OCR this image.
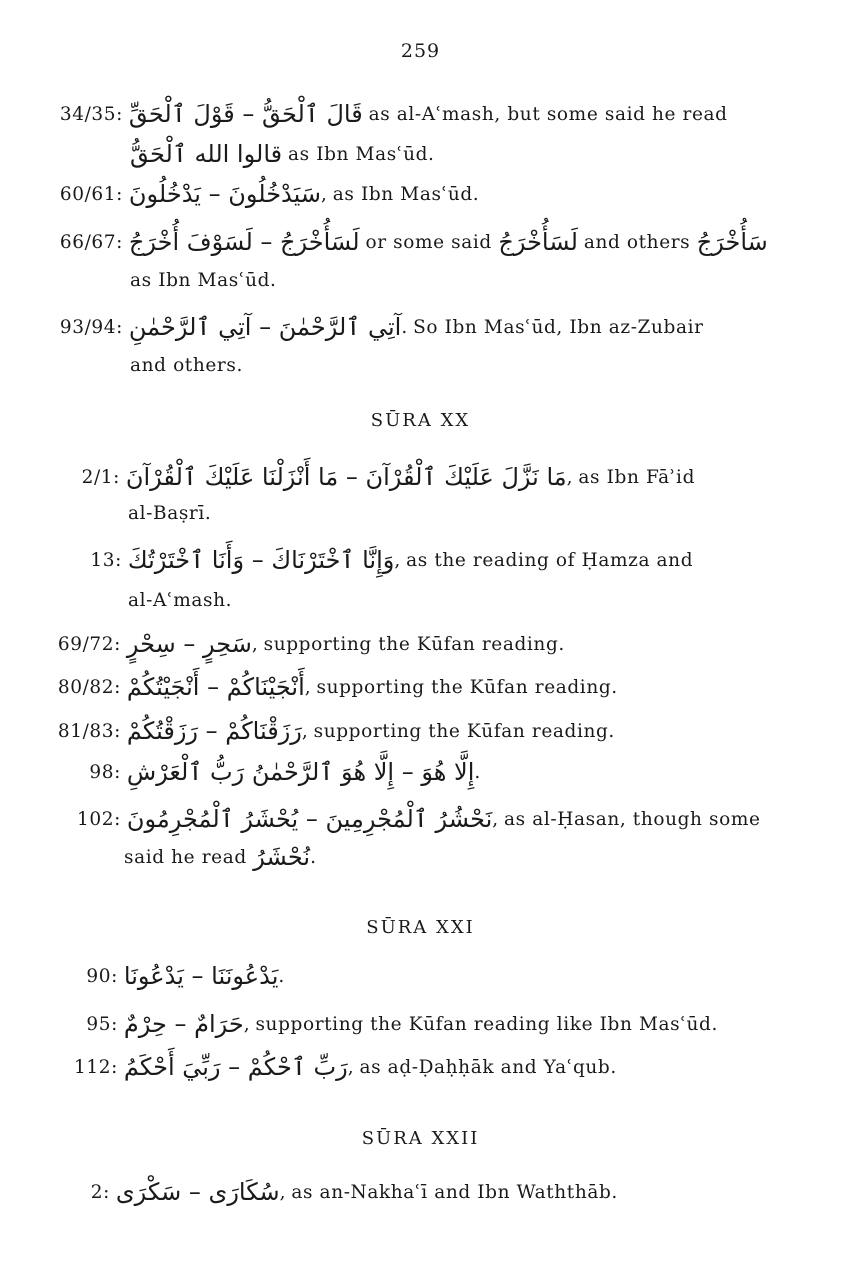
259
34/35: قَالَ ٱلْحَقُّ – قَوْلَ ٱلْحَقِّ as al-Aʿmash, but some said he read
قالوا الله ٱلْحَقُّ as Ibn Masʿūd.
60/61: سَيَدْخُلُونَ – يَدْخُلُونَ, as Ibn Masʿūd.
66/67: لَسَأُخْرَجُ – لَسَوْفَ أُخْرَجُ or some said لَسَأُخْرَجُ and others سَأُخْرَجُ
as Ibn Masʿūd.
93/94: آتِي ٱلرَّحْمٰنَ – آتِي ٱلرَّحْمٰنِ. So Ibn Masʿūd, Ibn az-Zubair
and others.
SŪRA XX
2/1: مَا نَزَّلَ عَلَيْكَ ٱلْقُرْآنَ – مَا أَنْزَلْنَا عَلَيْكَ ٱلْقُرْآنَ, as Ibn Fāʾid
al-Baṣrī.
13: وَإِنَّا ٱخْتَرْنَاكَ – وَأَنَا ٱخْتَرْتُكَ, as the reading of Ḥamza and
al-Aʿmash.
69/72: سَحِرٍ – سِحْرٍ, supporting the Kūfan reading.
80/82: أَنْجَيْنَاكُمْ – أَنْجَيْتُكُمْ, supporting the Kūfan reading.
81/83: رَزَقْنَاكُمْ – رَزَقْتُكُمْ, supporting the Kūfan reading.
98: إِلَّا هُوَ – إِلَّا هُوَ ٱلرَّحْمٰنُ رَبُّ ٱلْعَرْشِ.
102: نَحْشُرُ ٱلْمُجْرِمِينَ – يُحْشَرُ ٱلْمُجْرِمُونَ, as al-Ḥasan, though some
said he read نُحْشَرُ.
SŪRA XXI
90: يَدْعُونَنَا – يَدْعُونَا.
95: حَرَامٌ – حِرْمٌ, supporting the Kūfan reading like Ibn Masʿūd.
112: رَبِّ ٱحْكُمْ – رَبِّيَ أَحْكَمُ, as aḍ-Ḍaḥḥāk and Yaʿqub.
SŪRA XXII
2: سُكَارَى – سَكْرَى, as an-Nakhaʿī and Ibn Waththāb.
